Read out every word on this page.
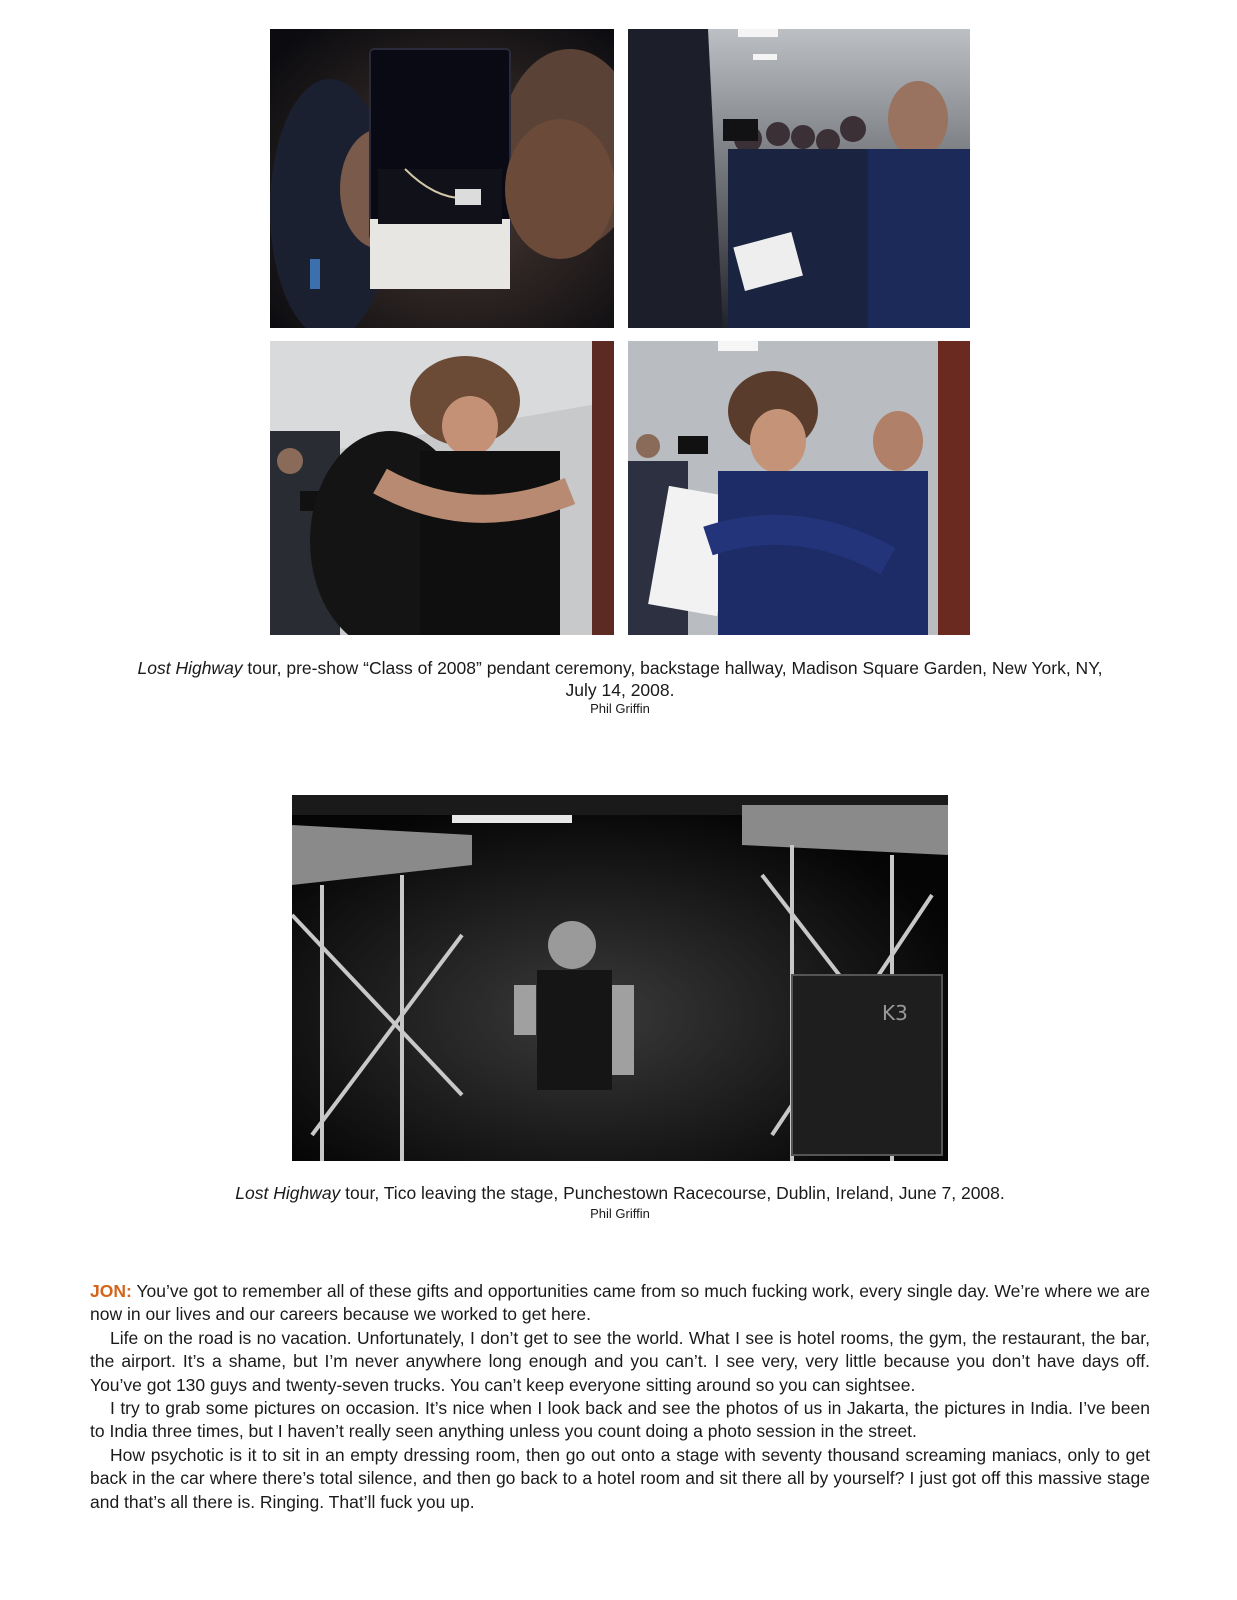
Lost Highway tour, pre-show “Class of 2008” pendant ceremony, backstage hallway, Madison Square Garden, New York, NY, July 14, 2008.
Phil Griffin
K3
Lost Highway tour, Tico leaving the stage, Punchestown Racecourse, Dublin, Ireland, June 7, 2008.
Phil Griffin

JON: You’ve got to remember all of these gifts and opportunities came from so much fucking work, every single day. We’re where we are now in our lives and our careers because we worked to get here.

Life on the road is no vacation. Unfortunately, I don’t get to see the world. What I see is hotel rooms, the gym, the restaurant, the bar, the airport. It’s a shame, but I’m never anywhere long enough and you can’t. I see very, very little because you don’t have days off. You’ve got 130 guys and twenty-seven trucks. You can’t keep everyone sitting around so you can sightsee.

I try to grab some pictures on occasion. It’s nice when I look back and see the photos of us in Jakarta, the pictures in India. I’ve been to India three times, but I haven’t really seen anything unless you count doing a photo session in the street.

How psychotic is it to sit in an empty dressing room, then go out onto a stage with seventy thousand screaming maniacs, only to get back in the car where there’s total silence, and then go back to a hotel room and sit there all by yourself? I just got off this massive stage and that’s all there is. Ringing. That’ll fuck you up.
